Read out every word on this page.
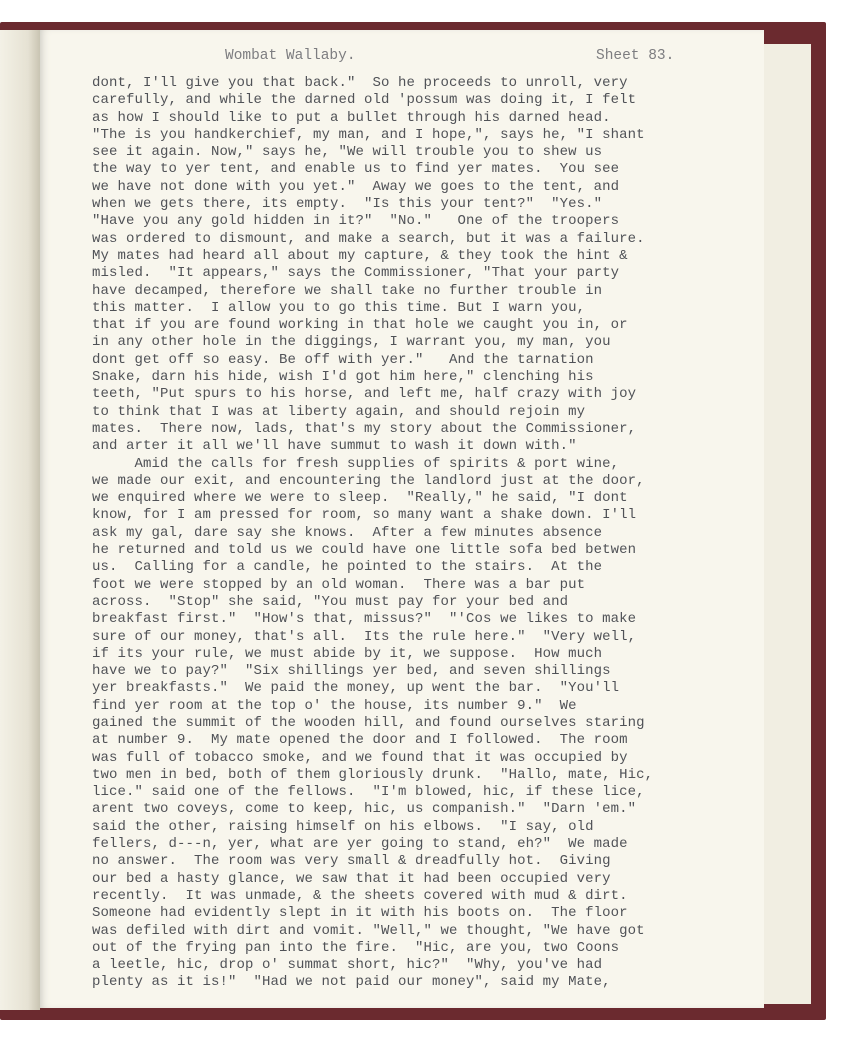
Wombat Wallaby.	Sheet 83.
dont, I'll give you that back."  So he proceeds to unroll, very
carefully, and while the darned old 'possum was doing it, I felt
as how I should like to put a bullet through his darned head.
"The is you handkerchief, my man, and I hope,", says he, "I shant
see it again. Now," says he, "We will trouble you to shew us
the way to yer tent, and enable us to find yer mates.  You see
we have not done with you yet."  Away we goes to the tent, and
when we gets there, its empty.  "Is this your tent?"  "Yes."
"Have you any gold hidden in it?"  "No."   One of the troopers
was ordered to dismount, and make a search, but it was a failure.
My mates had heard all about my capture, & they took the hint &
misled.  "It appears," says the Commissioner, "That your party
have decamped, therefore we shall take no further trouble in
this matter.  I allow you to go this time. But I warn you,
that if you are found working in that hole we caught you in, or
in any other hole in the diggings, I warrant you, my man, you
dont get off so easy. Be off with yer."   And the tarnation
Snake, darn his hide, wish I'd got him here," clenching his
teeth, "Put spurs to his horse, and left me, half crazy with joy
to think that I was at liberty again, and should rejoin my
mates.  There now, lads, that's my story about the Commissioner,
and arter it all we'll have summut to wash it down with."
Amid the calls for fresh supplies of spirits & port wine,
we made our exit, and encountering the landlord just at the door,
we enquired where we were to sleep.  "Really," he said, "I dont
know, for I am pressed for room, so many want a shake down. I'll
ask my gal, dare say she knows.  After a few minutes absence
he returned and told us we could have one little sofa bed betwen
us.  Calling for a candle, he pointed to the stairs.  At the
foot we were stopped by an old woman.  There was a bar put
across.  "Stop" she said, "You must pay for your bed and
breakfast first."  "How's that, missus?"  "'Cos we likes to make
sure of our money, that's all.  Its the rule here."  "Very well,
if its your rule, we must abide by it, we suppose.  How much
have we to pay?"  "Six shillings yer bed, and seven shillings
yer breakfasts."  We paid the money, up went the bar.  "You'll
find yer room at the top o' the house, its number 9."  We
gained the summit of the wooden hill, and found ourselves staring
at number 9.  My mate opened the door and I followed.  The room
was full of tobacco smoke, and we found that it was occupied by
two men in bed, both of them gloriously drunk.  "Hallo, mate, Hic,
lice." said one of the fellows.  "I'm blowed, hic, if these lice,
arent two coveys, come to keep, hic, us companish."  "Darn 'em."
said the other, raising himself on his elbows.  "I say, old
fellers, d---n, yer, what are yer going to stand, eh?"  We made
no answer.  The room was very small & dreadfully hot.  Giving
our bed a hasty glance, we saw that it had been occupied very
recently.  It was unmade, & the sheets covered with mud & dirt.
Someone had evidently slept in it with his boots on.  The floor
was defiled with dirt and vomit. "Well," we thought, "We have got
out of the frying pan into the fire.  "Hic, are you, two Coons
a leetle, hic, drop o' summat short, hic?"  "Why, you've had
plenty as it is!"  "Had we not paid our money", said my Mate,
